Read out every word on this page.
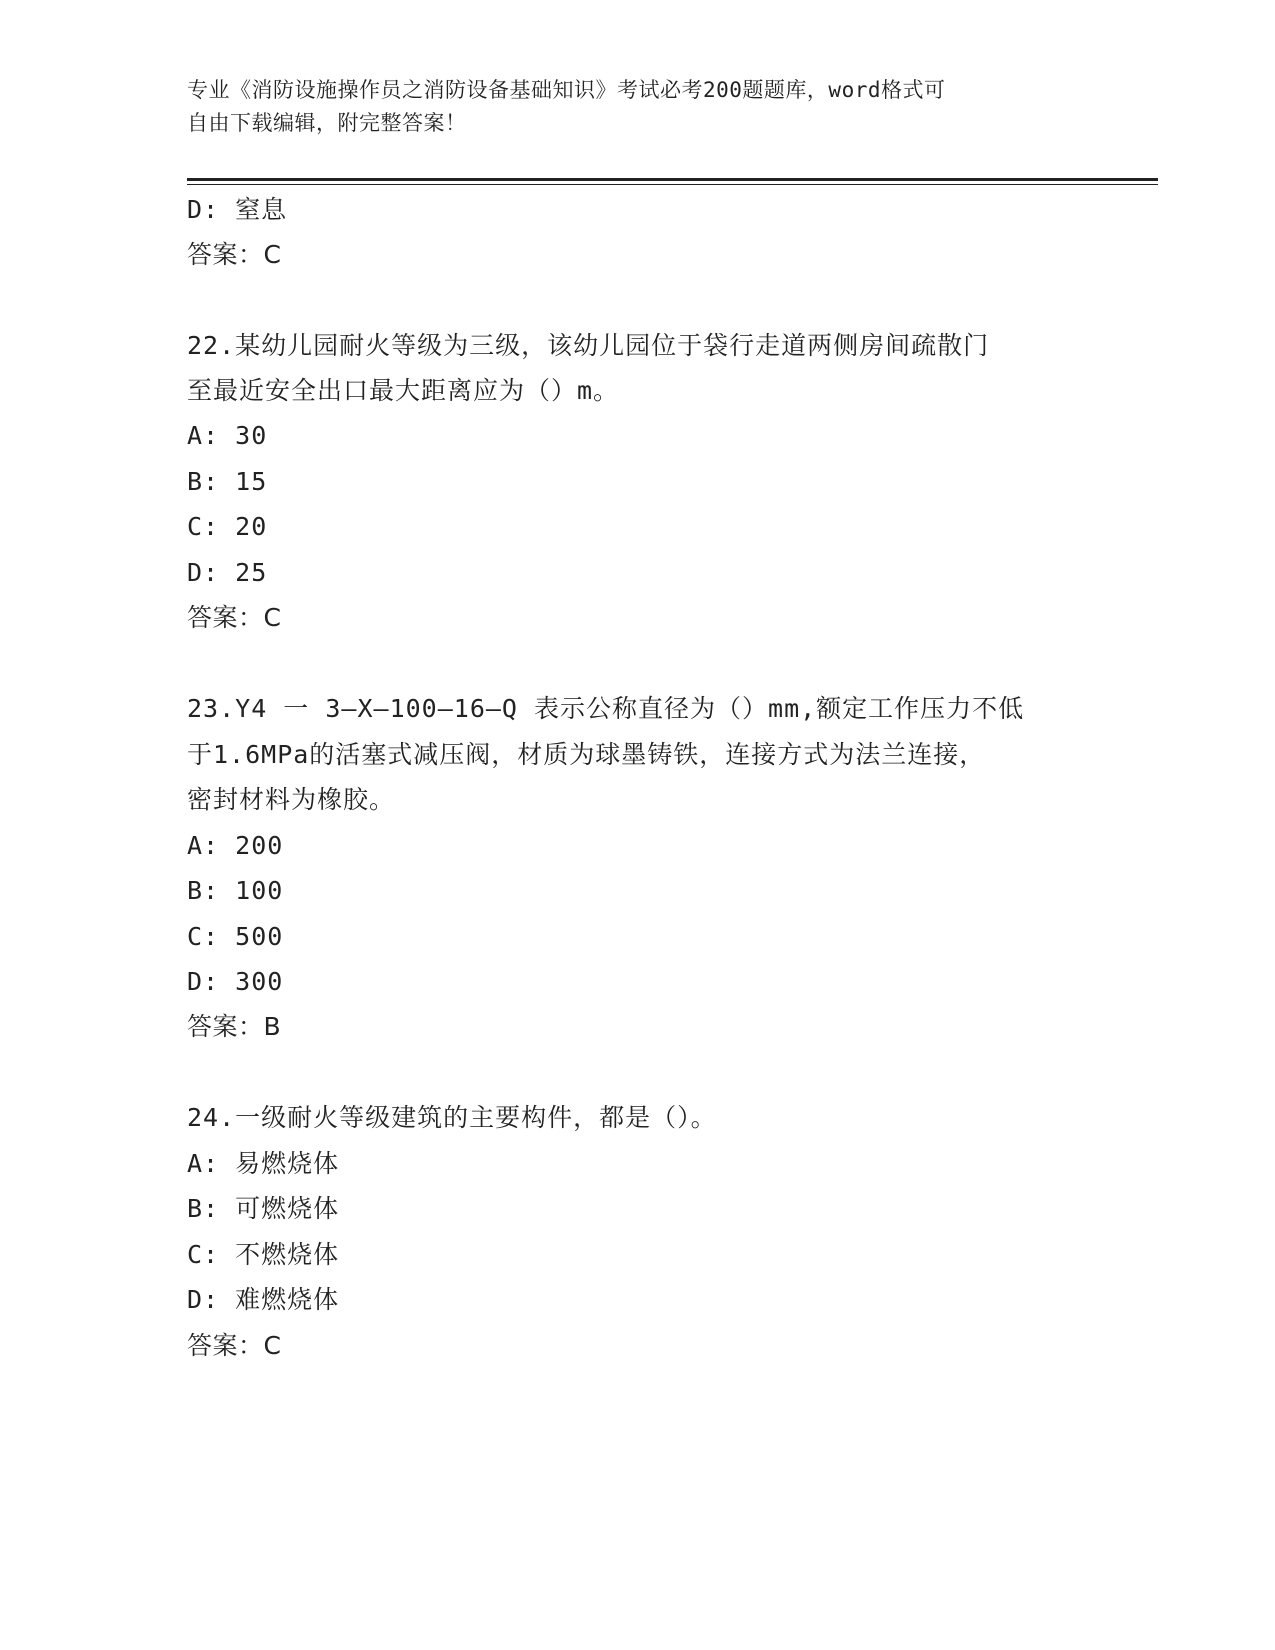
专业《消防设施操作员之消防设备基础知识》考试必考200题题库，word格式可
自由下载编辑，附完整答案！
D: 窒息
答案：C
22.某幼儿园耐火等级为三级，该幼儿园位于袋行走道两侧房间疏散门
至最近安全出口最大距离应为（）m。
A: 30
B: 15
C: 20
D: 25
答案：C
23.Y4 一 3—X—100—16—Q 表示公称直径为（）mm,额定工作压力不低
于1.6MPa的活塞式减压阀，材质为球墨铸铁，连接方式为法兰连接，
密封材料为橡胶。
A: 200
B: 100
C: 500
D: 300
答案：B
24.一级耐火等级建筑的主要构件，都是（）。
A: 易燃烧体
B: 可燃烧体
C: 不燃烧体
D: 难燃烧体
答案：C
